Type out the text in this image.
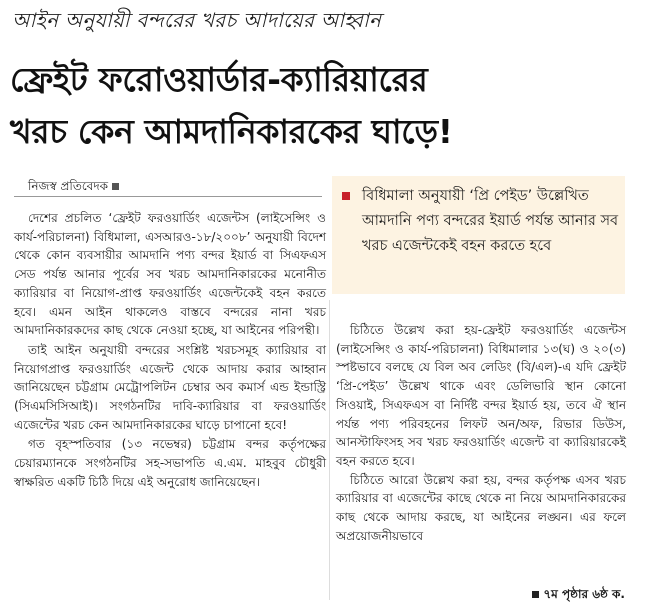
আইন অনুযায়ী বন্দরের খরচ আদায়ের আহ্বান
ফ্রেইট ফরোওয়ার্ডার-ক্যারিয়ারের
খরচ কেন আমদানিকারকের ঘাড়ে!
নিজস্ব প্রতিবেদক
বিধিমালা অনুযায়ী ‘প্রি পেইড’ উল্লেখিত আমদানি পণ্য বন্দরের ইয়ার্ড পর্যন্ত আনার সব খরচ এজেন্টকেই বহন করতে হবে

দেশের প্রচলিত ‘ফ্রেইট ফরওয়ার্ডিং এজেন্টস (লাইসেন্সিং ও কার্য-পরিচালনা) বিধিমালা, এসআরও-১৮/২০০৮’ অনুযায়ী বিদেশ থেকে কোন ব্যবসায়ীর আমদানি পণ্য বন্দর ইয়ার্ড বা সিএফএস সেড পর্যন্ত আনার পূর্বের সব খরচ আমদানিকারকের মনোনীত ক্যারিয়ার বা নিয়োগ-প্রাপ্ত ফরওয়ার্ডিং এজেন্টকেই বহন করতে হবে। এমন আইন থাকলেও বাস্তবে বন্দরের নানা খরচ আমদানিকারকদের কাছ থেকে নেওয়া হচ্ছে, যা আইনের পরিপন্থী।

তাই আইন অনুযায়ী বন্দরের সংশ্লিষ্ট খরচসমূহ ক্যারিয়ার বা নিয়োগপ্রাপ্ত ফরওয়ার্ডিং এজেন্ট থেকে আদায় করার আহ্বান জানিয়েছেন চট্টগ্রাম মেট্রোপলিটন চেম্বার অব কমার্স এন্ড ইন্ডাস্ট্রি (সিএমসিসিআই)। সংগঠনটির দাবি-ক্যারিয়ার বা ফরওয়ার্ডিং এজেন্টের খরচ কেন আমদানিকারকের ঘাড়ে চাপানো হবে!

গত বৃহস্পতিবার (১৩ নভেম্বর) চট্টগ্রাম বন্দর কর্তৃপক্ষের চেয়ারম্যানকে সংগঠনটির সহ-সভাপতি এ.এম. মাহবুব চৌধুরী স্বাক্ষরিত একটি চিঠি দিয়ে এই অনুরোধ জানিয়েছেন।

চিঠিতে উল্লেখ করা হয়-ফ্রেইট ফরওয়ার্ডিং এজেন্টস (লাইসেন্সিং ও কার্য-পরিচালনা) বিধিমালার ১৩(ঘ) ও ২০(৩) স্পষ্টভাবে বলছে যে বিল অব লেডিং (বি/এল)-এ যদি ফ্রেইট ‘প্রি-পেইড’ উল্লেখ থাকে এবং ডেলিভারি স্থান কোনো সিওয়াই, সিএফএস বা নির্দিষ্ট বন্দর ইয়ার্ড হয়, তবে ঐ স্থান পর্যন্ত পণ্য পরিবহনের লিফট অন/অফ, রিভার ডিউস, আনস্টাফিংসহ সব খরচ ফরওয়ার্ডিং এজেন্ট বা ক্যারিয়ারকেই বহন করতে হবে।

চিঠিতে আরো উল্লেখ করা হয়, বন্দর কর্তৃপক্ষ এসব খরচ ক্যারিয়ার বা এজেন্টের কাছে থেকে না নিয়ে আমদানিকারকের কাছ থেকে আদায় করছে, যা আইনের লঙ্ঘন। এর ফলে অপ্রয়োজনীয়ভাবে

৭ম পৃষ্ঠার ৬ষ্ঠ ক.
